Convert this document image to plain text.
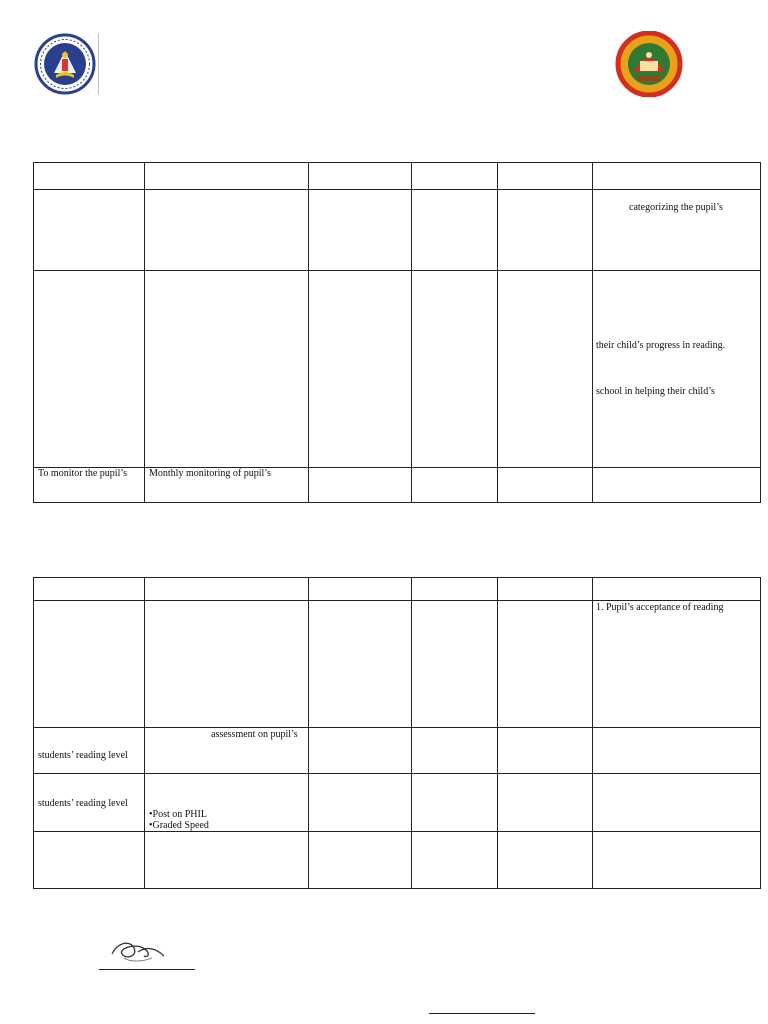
					categorizing the pupil’s

					their child’s progress in reading.
school in helping their child’s

To monitor the pupil’s	Monthly monitoring of pupil’s				

					1. Pupil’s acceptance of reading

students’ reading level	assessment on pupil’s				

students’ reading level	•Post on PHIL
•Graded Speed				
